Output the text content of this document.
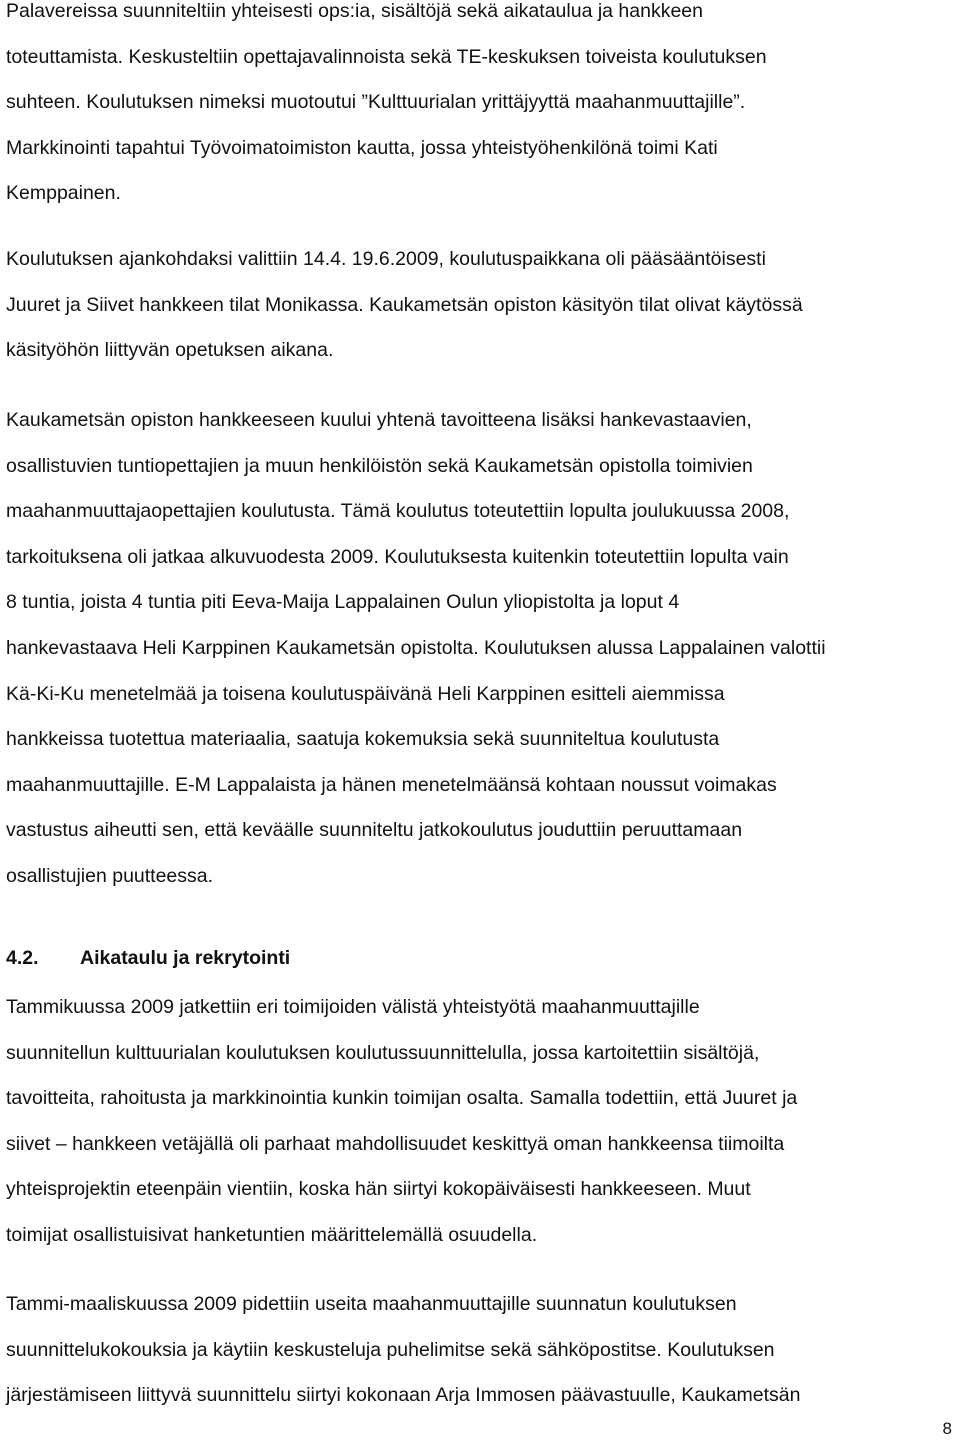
Palavereissa suunniteltiin yhteisesti ops:ia, sisältöjä sekä aikataulua ja hankkeen
toteuttamista. Keskusteltiin opettajavalinnoista sekä TE-keskuksen toiveista koulutuksen
suhteen. Koulutuksen nimeksi muotoutui ”Kulttuurialan yrittäjyyttä maahanmuuttajille”.
Markkinointi tapahtui Työvoimatoimiston kautta, jossa yhteistyöhenkilönä toimi Kati
Kemppainen.

Koulutuksen ajankohdaksi valittiin 14.4. 19.6.2009, koulutuspaikkana oli pääsääntöisesti
Juuret ja Siivet hankkeen tilat Monikassa. Kaukametsän opiston käsityön tilat olivat käytössä
käsityöhön liittyvän opetuksen aikana.

Kaukametsän opiston hankkeeseen kuului yhtenä tavoitteena lisäksi hankevastaavien,
osallistuvien tuntiopettajien ja muun henkilöistön sekä Kaukametsän opistolla toimivien
maahanmuuttajaopettajien koulutusta. Tämä koulutus toteutettiin lopulta joulukuussa 2008,
tarkoituksena oli jatkaa alkuvuodesta 2009. Koulutuksesta kuitenkin toteutettiin lopulta vain
8 tuntia, joista 4 tuntia piti Eeva-Maija Lappalainen Oulun yliopistolta ja loput 4
hankevastaava Heli Karppinen Kaukametsän opistolta. Koulutuksen alussa Lappalainen valottii
Kä-Ki-Ku menetelmää ja toisena koulutuspäivänä Heli Karppinen esitteli aiemmissa
hankkeissa tuotettua materiaalia, saatuja kokemuksia sekä suunniteltua koulutusta
maahanmuuttajille. E-M Lappalaista ja hänen menetelmäänsä kohtaan noussut voimakas
vastustus aiheutti sen, että keväälle suunniteltu jatkokoulutus jouduttiin peruuttamaan
osallistujien puutteessa.

4.2. Aikataulu ja rekrytointi

Tammikuussa 2009 jatkettiin eri toimijoiden välistä yhteistyötä maahanmuuttajille
suunnitellun kulttuurialan koulutuksen koulutussuunnittelulla, jossa kartoitettiin sisältöjä,
tavoitteita, rahoitusta ja markkinointia kunkin toimijan osalta. Samalla todettiin, että Juuret ja
siivet – hankkeen vetäjällä oli parhaat mahdollisuudet keskittyä oman hankkeensa tiimoilta
yhteisprojektin eteenpäin vientiin, koska hän siirtyi kokopäiväisesti hankkeeseen. Muut
toimijat osallistuisivat hanketuntien määrittelemällä osuudella.

Tammi-maaliskuussa 2009 pidettiin useita maahanmuuttajille suunnatun koulutuksen
suunnittelukokouksia ja käytiin keskusteluja puhelimitse sekä sähköpostitse. Koulutuksen
järjestämiseen liittyvä suunnittelu siirtyi kokonaan Arja Immosen päävastuulle, Kaukametsän

8
